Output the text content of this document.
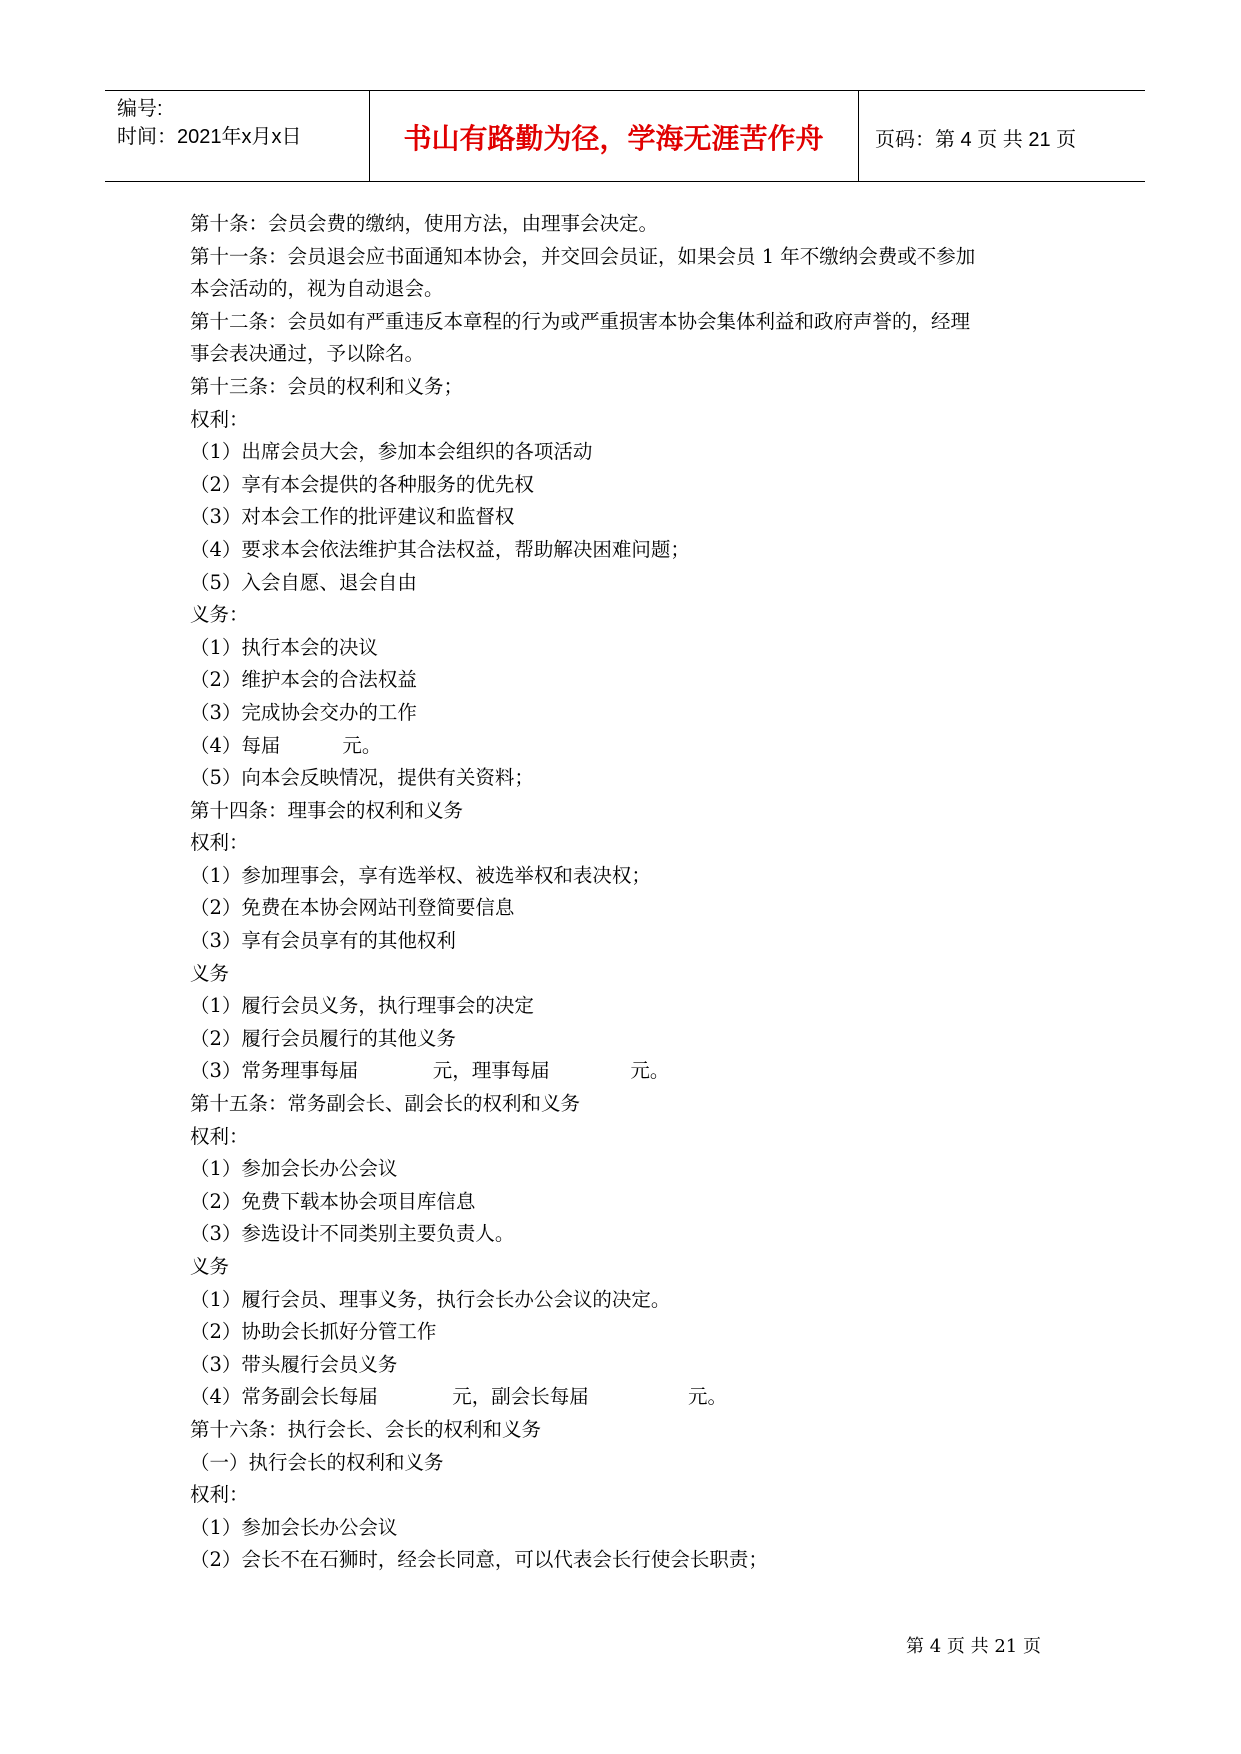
编号:
时间：2021年x月x日	书山有路勤为径，学海无涯苦作舟	页码：第 4 页 共 21 页
第十条：会员会费的缴纳，使用方法，由理事会决定。
第十一条：会员退会应书面通知本协会，并交回会员证，如果会员 1 年不缴纳会费或不参加
本会活动的，视为自动退会。
第十二条：会员如有严重违反本章程的行为或严重损害本协会集体利益和政府声誉的，经理
事会表决通过，予以除名。
第十三条：会员的权利和义务；
权利：
（1）出席会员大会，参加本会组织的各项活动
（2）享有本会提供的各种服务的优先权
（3）对本会工作的批评建议和监督权
（4）要求本会依法维护其合法权益，帮助解决困难问题；
（5）入会自愿、退会自由
义务：
（1）执行本会的决议
（2）维护本会的合法权益
（3）完成协会交办的工作
（4）每届          元。
（5）向本会反映情况，提供有关资料；
第十四条：理事会的权利和义务
权利：
（1）参加理事会，享有选举权、被选举权和表决权；
（2）免费在本协会网站刊登简要信息
（3）享有会员享有的其他权利
义务
（1）履行会员义务，执行理事会的决定
（2）履行会员履行的其他义务
（3）常务理事每届            元，理事每届             元。
第十五条：常务副会长、副会长的权利和义务
权利：
（1）参加会长办公会议
（2）免费下载本协会项目库信息
（3）参选设计不同类别主要负责人。
义务
（1）履行会员、理事义务，执行会长办公会议的决定。
（2）协助会长抓好分管工作
（3）带头履行会员义务
（4）常务副会长每届            元，副会长每届                元。
第十六条：执行会长、会长的权利和义务
（一）执行会长的权利和义务
权利：
（1）参加会长办公会议
（2）会长不在石狮时，经会长同意，可以代表会长行使会长职责；
第 4 页 共 21 页
